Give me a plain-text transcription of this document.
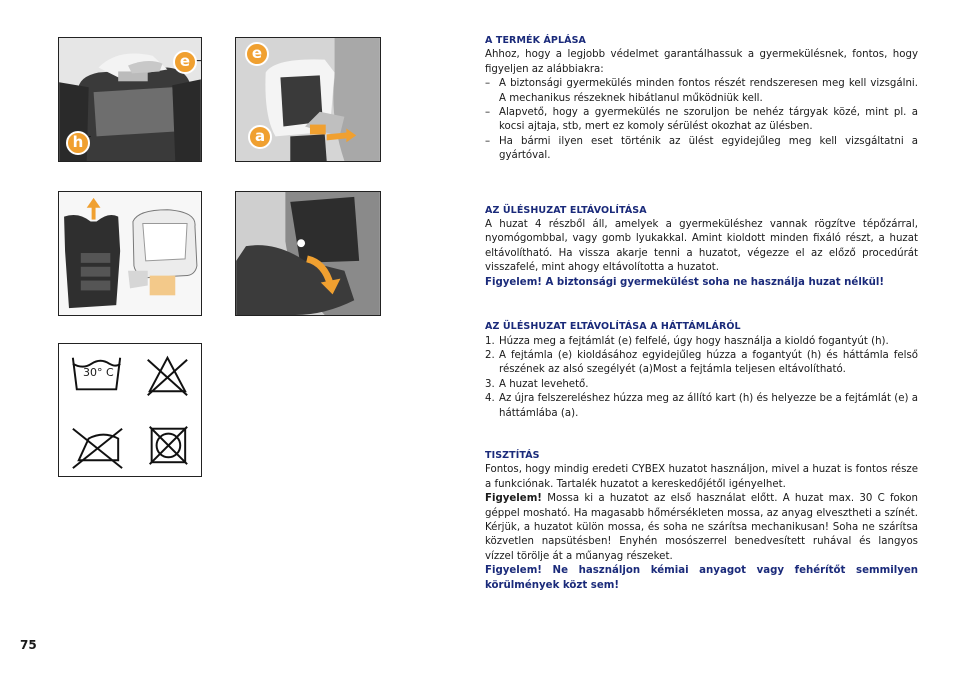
e
h
e
a
30° C
A TERMÉK ÁPLÁSA

Ahhoz, hogy a legjobb védelmet garantálhassuk a gyermekülésnek, fontos, hogy figyeljen az alábbiakra:

– A biztonsági gyermekülés minden fontos részét rendszeresen meg kell vizsgálni. A mechanikus részeknek hibátlanul működniük kell.
– Alapvető, hogy a gyermekülés ne szoruljon be nehéz tárgyak közé, mint pl. a kocsi ajtaja, stb, mert ez komoly sérülést okozhat az ülésben.
– Ha bármi ilyen eset történik az ülést egyidejűleg meg kell vizsgáltatni a gyártóval.
AZ ÜLÉSHUZAT ELTÁVOLÍTÁSA

A huzat 4 részből áll, amelyek a gyermeküléshez vannak rögzítve tépőzárral, nyomógombbal, vagy gomb lyukakkal. Amint kioldott minden fixáló részt, a huzat eltávolítható. Ha vissza akarje tenni a huzatot, végezze el az előző procedúrát visszafelé, mint ahogy eltávolította a huzatot.

Figyelem! A biztonsági gyermekülést soha ne használja huzat nélkül!

AZ ÜLÉSHUZAT ELTÁVOLÍTÁSA A HÁTTÁMLÁRÓL
1. Húzza meg a fejtámlát (e) felfelé, úgy hogy használja a kioldó fogantyút (h).
2. A fejtámla (e) kioldásához egyidejűleg húzza a fogantyút (h) és háttámla felső részének az alsó szegélyét (a)Most a fejtámla teljesen eltávolítható.
3. A huzat levehető.
4. Az újra felszereléshez húzza meg az állító kart (h) és helyezze be a fejtámlát (e) a háttámlába (a).
TISZTÍTÁS

Fontos, hogy mindig eredeti CYBEX huzatot használjon, mivel a huzat is fontos része a funkciónak. Tartalék huzatot a kereskedőjétől igényelhet.

Figyelem! Mossa ki a huzatot az első használat előtt. A huzat max. 30 C fokon géppel mosható. Ha magasabb hőmérsékleten mossa, az anyag elvesztheti a színét. Kérjük, a huzatot külön mossa, és soha ne szárítsa mechanikusan! Soha ne szárítsa közvetlen napsütésben! Enyhén mosószerrel benedvesített ruhával és langyos vízzel törölje át a műanyag részeket.

Figyelem! Ne használjon kémiai anyagot vagy fehérítőt semmilyen körülmények közt sem!

75
